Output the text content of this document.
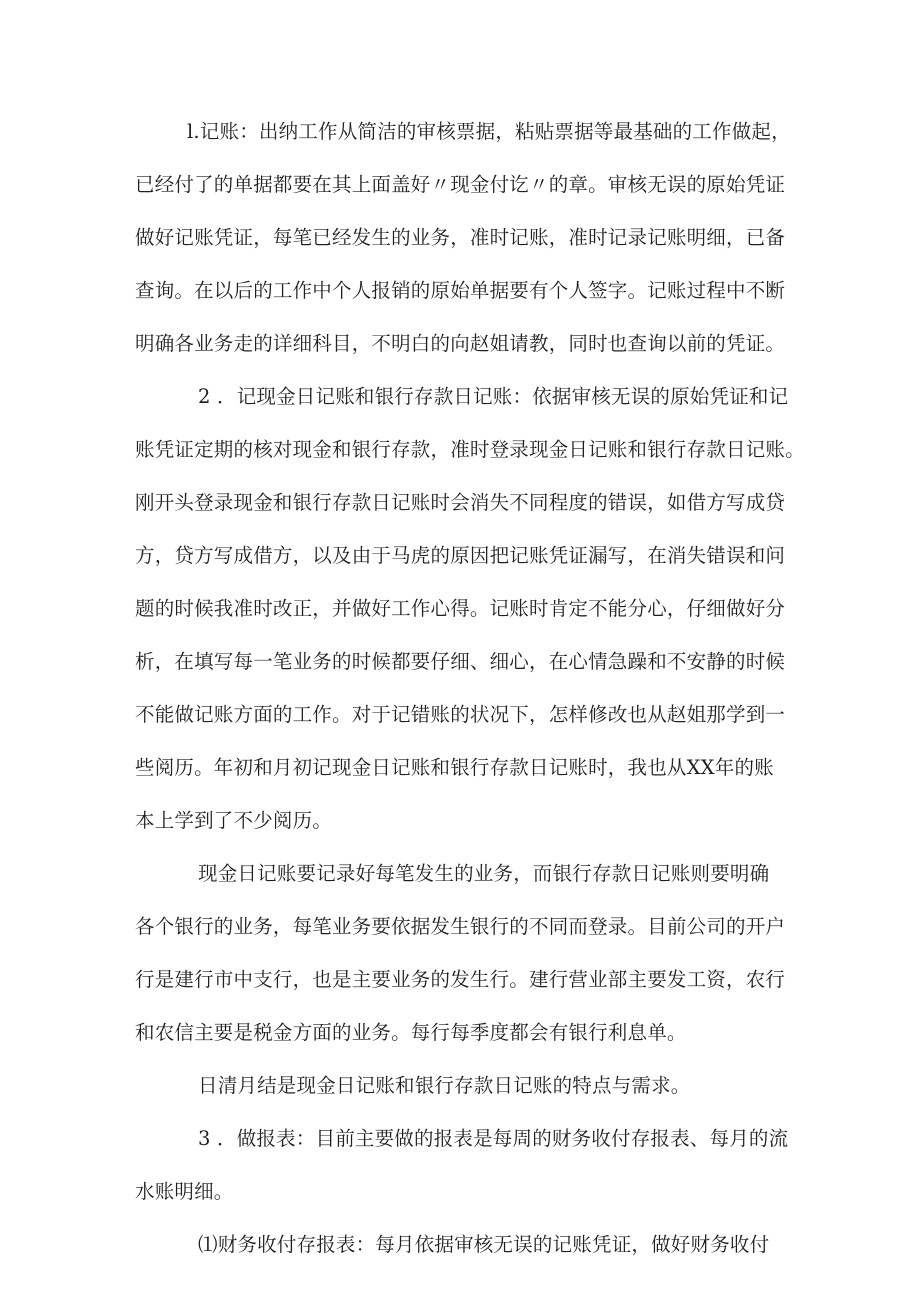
l.记账：出纳工作从简洁的审核票据，粘贴票据等最基础的工作做起，
已经付了的单据都要在其上面盖好〃现金付讫〃的章。审核无误的原始凭证
做好记账凭证，每笔已经发生的业务，准时记账，准时记录记账明细，已备
查询。在以后的工作中个人报销的原始单据要有个人签字。记账过程中不断
明确各业务走的详细科目，不明白的向赵姐请教，同时也查询以前的凭证。
2 ．记现金日记账和银行存款日记账：依据审核无误的原始凭证和记
账凭证定期的核对现金和银行存款，准时登录现金日记账和银行存款日记账。
刚开头登录现金和银行存款日记账时会消失不同程度的错误，如借方写成贷
方，贷方写成借方，以及由于马虎的原因把记账凭证漏写，在消失错误和问
题的时候我准时改正，并做好工作心得。记账时肯定不能分心，仔细做好分
析，在填写每一笔业务的时候都要仔细、细心，在心情急躁和不安静的时候
不能做记账方面的工作。对于记错账的状况下，怎样修改也从赵姐那学到一
些阅历。年初和月初记现金日记账和银行存款日记账时，我也从XX年的账
本上学到了不少阅历。
现金日记账要记录好每笔发生的业务，而银行存款日记账则要明确
各个银行的业务，每笔业务要依据发生银行的不同而登录。目前公司的开户
行是建行市中支行，也是主要业务的发生行。建行营业部主要发工资，农行
和农信主要是税金方面的业务。每行每季度都会有银行利息单。
日清月结是现金日记账和银行存款日记账的特点与需求。
3 ．做报表：目前主要做的报表是每周的财务收付存报表、每月的流
水账明细。
⑴财务收付存报表：每月依据审核无误的记账凭证，做好财务收付
